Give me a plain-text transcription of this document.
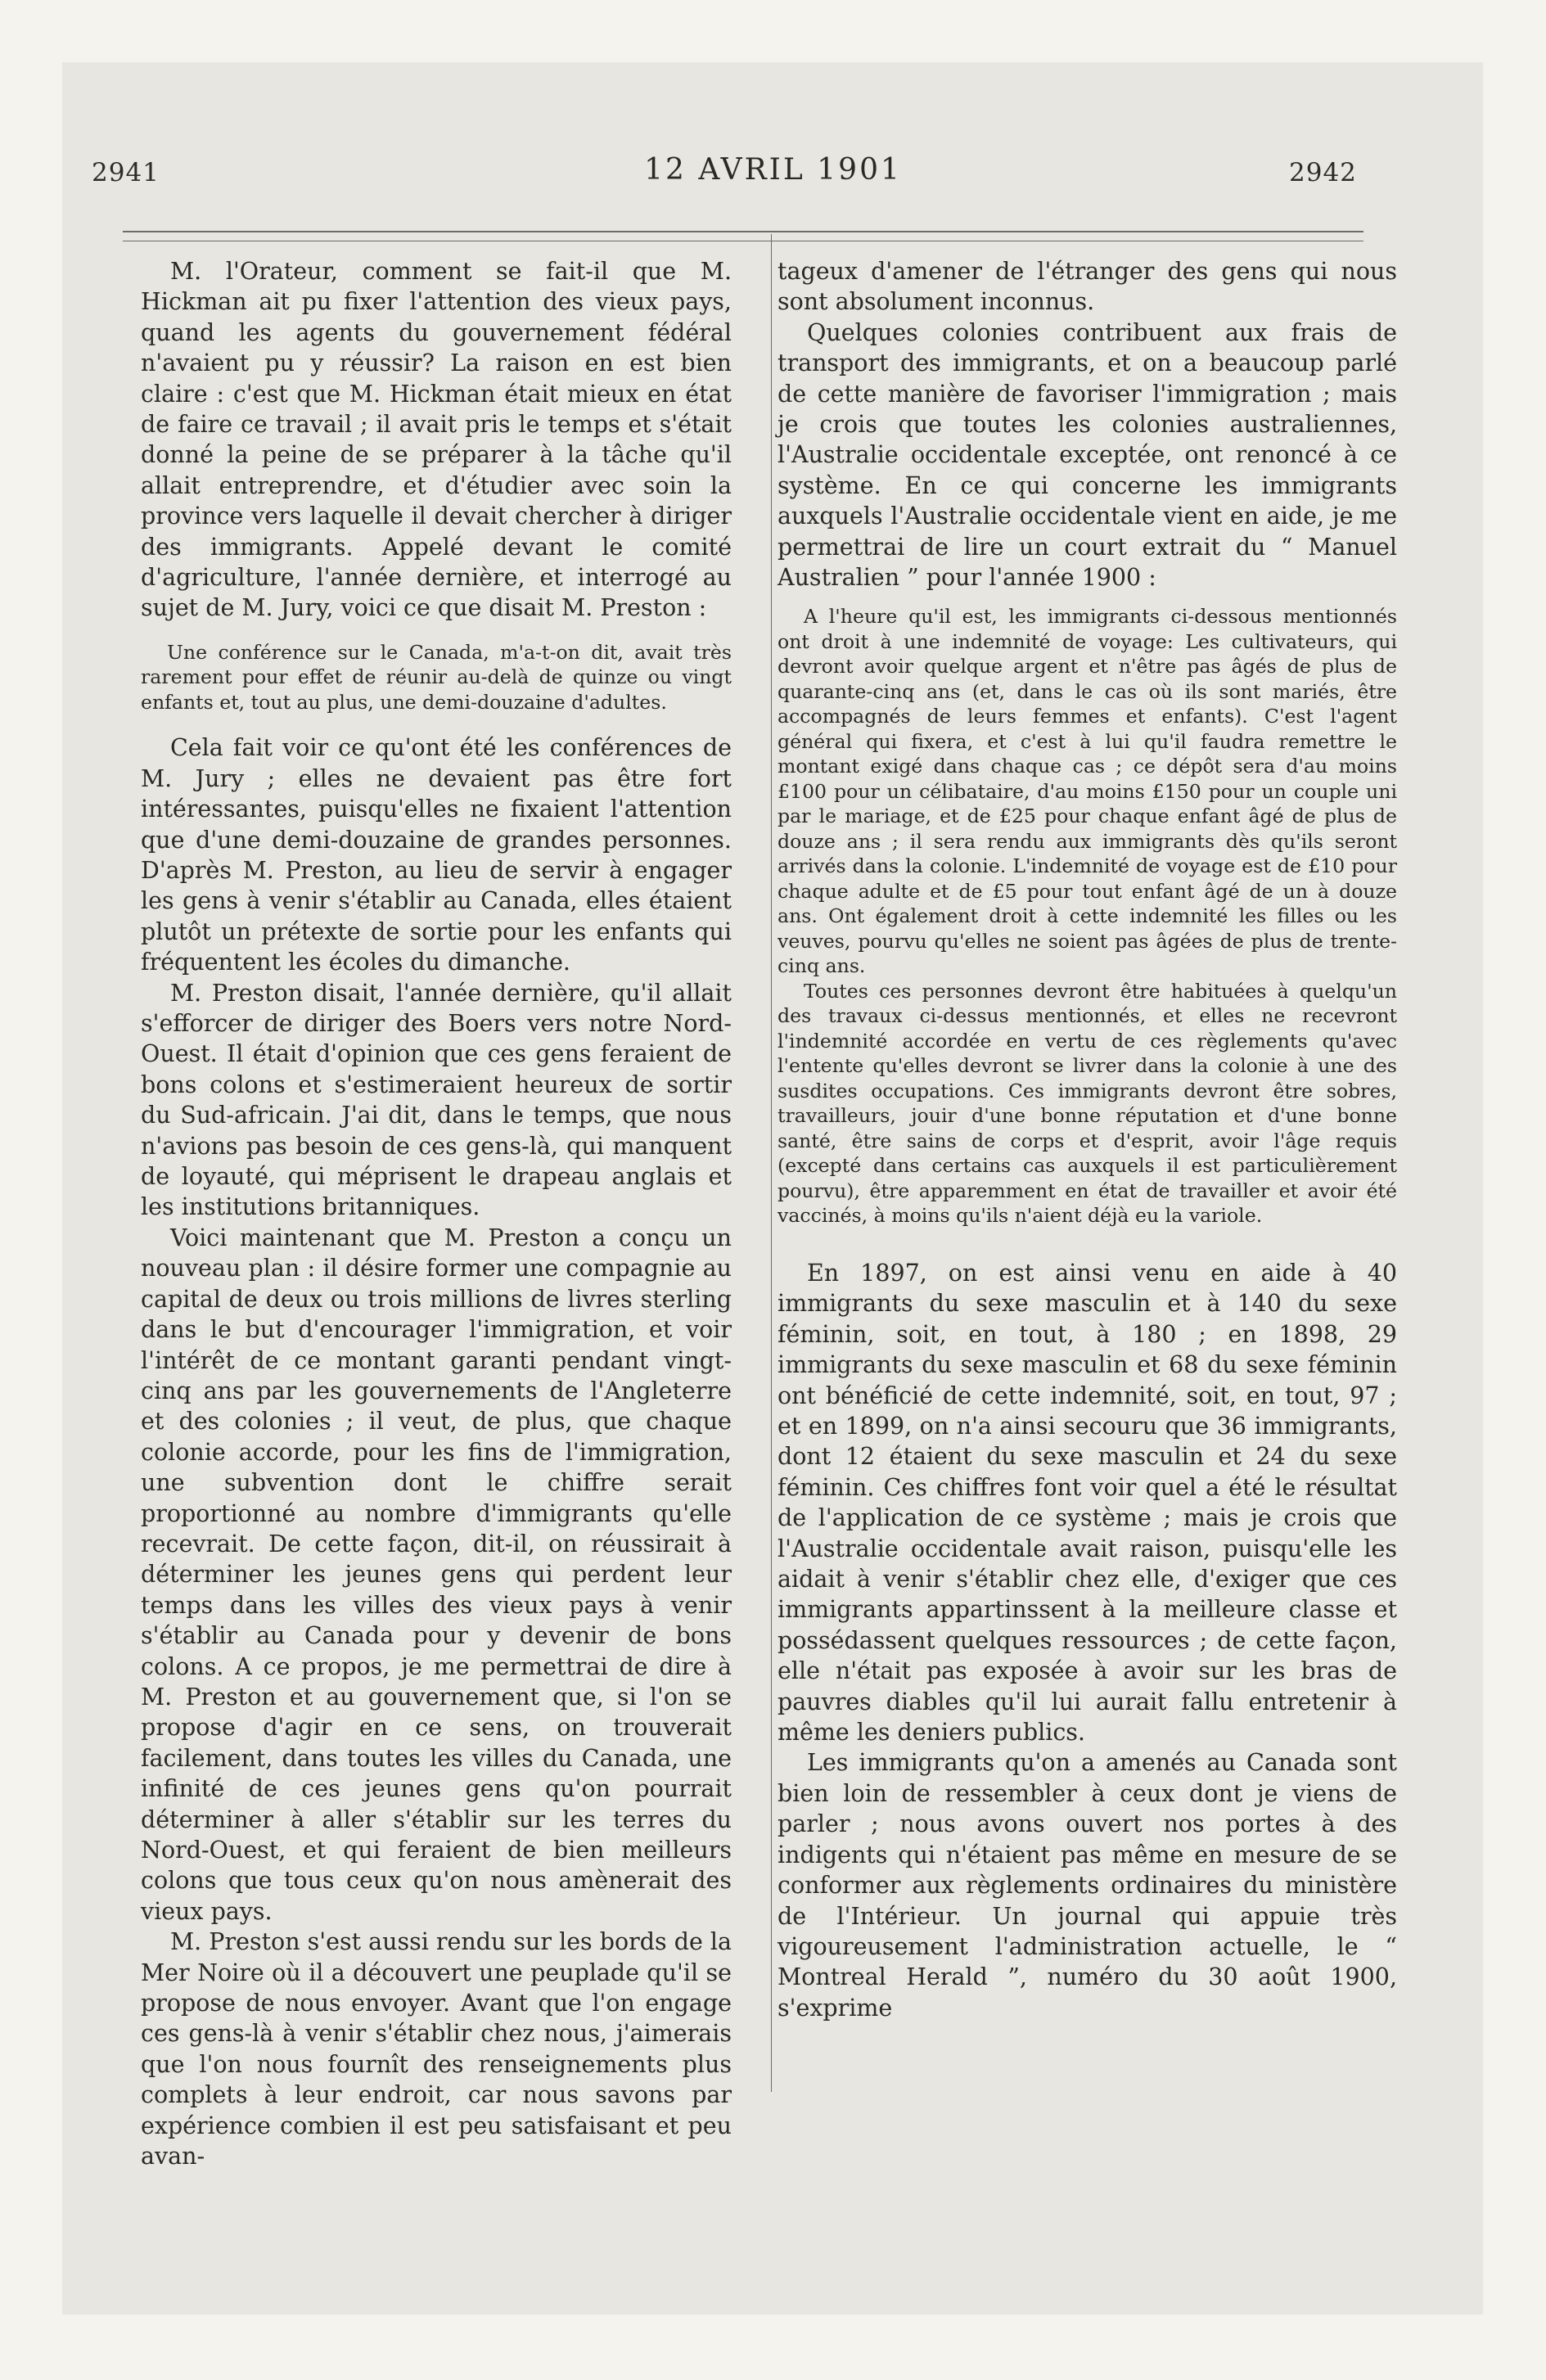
2941	12 AVRIL 1901	2942

M. l'Orateur, comment se fait-il que M. Hickman ait pu fixer l'attention des vieux pays, quand les agents du gouvernement fédéral n'avaient pu y réussir? La raison en est bien claire : c'est que M. Hickman était mieux en état de faire ce travail ; il avait pris le temps et s'était donné la peine de se préparer à la tâche qu'il allait entreprendre, et d'étudier avec soin la province vers laquelle il devait chercher à diriger des immigrants. Appelé devant le comité d'agriculture, l'année dernière, et interrogé au sujet de M. Jury, voici ce que disait M. Preston :

Une conférence sur le Canada, m'a-t-on dit, avait très rarement pour effet de réunir au-delà de quinze ou vingt enfants et, tout au plus, une demi-douzaine d'adultes.

Cela fait voir ce qu'ont été les conférences de M. Jury ; elles ne devaient pas être fort intéressantes, puisqu'elles ne fixaient l'attention que d'une demi-douzaine de grandes personnes. D'après M. Preston, au lieu de servir à engager les gens à venir s'établir au Canada, elles étaient plutôt un prétexte de sortie pour les enfants qui fréquentent les écoles du dimanche.

M. Preston disait, l'année dernière, qu'il allait s'efforcer de diriger des Boers vers notre Nord-Ouest. Il était d'opinion que ces gens feraient de bons colons et s'estimeraient heureux de sortir du Sud-africain. J'ai dit, dans le temps, que nous n'avions pas besoin de ces gens-là, qui manquent de loyauté, qui méprisent le drapeau anglais et les institutions britanniques.

Voici maintenant que M. Preston a conçu un nouveau plan : il désire former une compagnie au capital de deux ou trois millions de livres sterling dans le but d'encourager l'immigration, et voir l'intérêt de ce montant garanti pendant vingt-cinq ans par les gouvernements de l'Angleterre et des colonies ; il veut, de plus, que chaque colonie accorde, pour les fins de l'immigration, une subvention dont le chiffre serait proportionné au nombre d'immigrants qu'elle recevrait. De cette façon, dit-il, on réussirait à déterminer les jeunes gens qui perdent leur temps dans les villes des vieux pays à venir s'établir au Canada pour y devenir de bons colons. A ce propos, je me permettrai de dire à M. Preston et au gouvernement que, si l'on se propose d'agir en ce sens, on trouverait facilement, dans toutes les villes du Canada, une infinité de ces jeunes gens qu'on pourrait déterminer à aller s'établir sur les terres du Nord-Ouest, et qui feraient de bien meilleurs colons que tous ceux qu'on nous amènerait des vieux pays.

M. Preston s'est aussi rendu sur les bords de la Mer Noire où il a découvert une peuplade qu'il se propose de nous envoyer. Avant que l'on engage ces gens-là à venir s'établir chez nous, j'aimerais que l'on nous fournît des renseignements plus complets à leur endroit, car nous savons par expérience combien il est peu satisfaisant et peu avan-

tageux d'amener de l'étranger des gens qui nous sont absolument inconnus.

Quelques colonies contribuent aux frais de transport des immigrants, et on a beaucoup parlé de cette manière de favoriser l'immigration ; mais je crois que toutes les colonies australiennes, l'Australie occidentale exceptée, ont renoncé à ce système. En ce qui concerne les immigrants auxquels l'Australie occidentale vient en aide, je me permettrai de lire un court extrait du “ Manuel Australien ” pour l'année 1900 :

A l'heure qu'il est, les immigrants ci-dessous mentionnés ont droit à une indemnité de voyage: Les cultivateurs, qui devront avoir quelque argent et n'être pas âgés de plus de quarante-cinq ans (et, dans le cas où ils sont mariés, être accompagnés de leurs femmes et enfants). C'est l'agent général qui fixera, et c'est à lui qu'il faudra remettre le montant exigé dans chaque cas ; ce dépôt sera d'au moins £100 pour un célibataire, d'au moins £150 pour un couple uni par le mariage, et de £25 pour chaque enfant âgé de plus de douze ans ; il sera rendu aux immigrants dès qu'ils seront arrivés dans la colonie. L'indemnité de voyage est de £10 pour chaque adulte et de £5 pour tout enfant âgé de un à douze ans. Ont également droit à cette indemnité les filles ou les veuves, pourvu qu'elles ne soient pas âgées de plus de trente-cinq ans.

Toutes ces personnes devront être habituées à quelqu'un des travaux ci-dessus mentionnés, et elles ne recevront l'indemnité accordée en vertu de ces règlements qu'avec l'entente qu'elles devront se livrer dans la colonie à une des susdites occupations. Ces immigrants devront être sobres, travailleurs, jouir d'une bonne réputation et d'une bonne santé, être sains de corps et d'esprit, avoir l'âge requis (excepté dans certains cas auxquels il est particulièrement pourvu), être apparemment en état de travailler et avoir été vaccinés, à moins qu'ils n'aient déjà eu la variole.

En 1897, on est ainsi venu en aide à 40 immigrants du sexe masculin et à 140 du sexe féminin, soit, en tout, à 180 ; en 1898, 29 immigrants du sexe masculin et 68 du sexe féminin ont bénéficié de cette indemnité, soit, en tout, 97 ; et en 1899, on n'a ainsi secouru que 36 immigrants, dont 12 étaient du sexe masculin et 24 du sexe féminin. Ces chiffres font voir quel a été le résultat de l'application de ce système ; mais je crois que l'Australie occidentale avait raison, puisqu'elle les aidait à venir s'établir chez elle, d'exiger que ces immigrants appartinssent à la meilleure classe et possédassent quelques ressources ; de cette façon, elle n'était pas exposée à avoir sur les bras de pauvres diables qu'il lui aurait fallu entretenir à même les deniers publics.

Les immigrants qu'on a amenés au Canada sont bien loin de ressembler à ceux dont je viens de parler ; nous avons ouvert nos portes à des indigents qui n'étaient pas même en mesure de se conformer aux règlements ordinaires du ministère de l'Intérieur. Un journal qui appuie très vigoureusement l'administration actuelle, le “ Montreal Herald ”, numéro du 30 août 1900, s'exprime
